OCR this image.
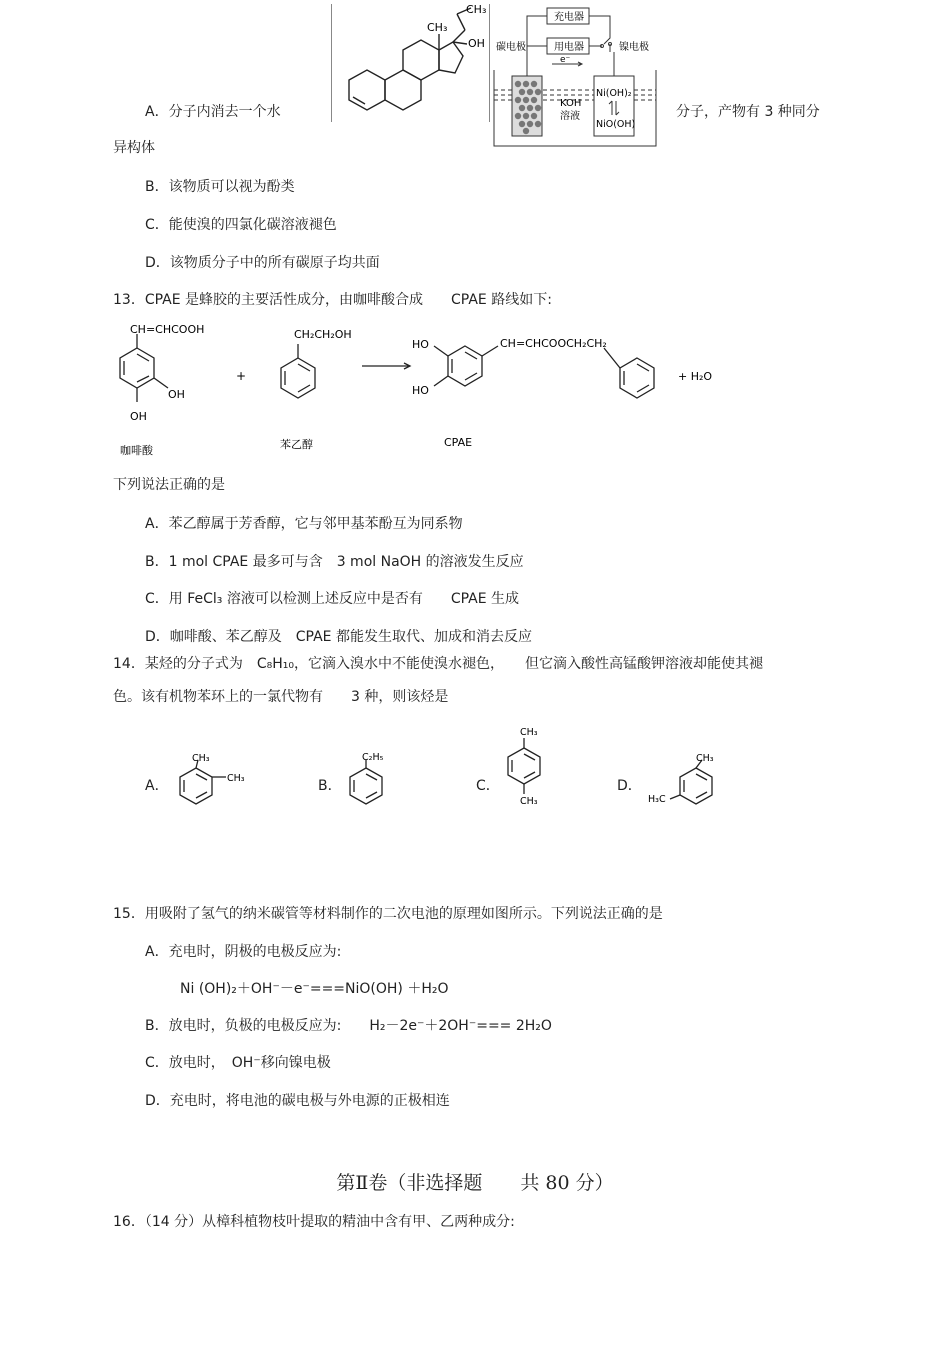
A．分子内消去一个水	分子，产物有 3 种同分
异构体
B．该物质可以视为酚类
C．能使溴的四氯化碳溶液褪色
D．该物质分子中的所有碳原子均共面
CH₃
CH₃
OH
充电器
用电器
碳电极	镍电极
e⁻
KOH
溶液
Ni(OH)₂
NiO(OH)
13．CPAE 是蜂胶的主要活性成分，由咖啡酸合成　　CPAE 路线如下:
CH=CHCOOH
OH
OH
咖啡酸
+
CH₂CH₂OH
苯乙醇
HO
HO
CH=CHCOOCH₂CH₂
CPAE
+ H₂O
下列说法正确的是
A．苯乙醇属于芳香醇，它与邻甲基苯酚互为同系物
B．1 mol CPAE 最多可与含　3 mol NaOH 的溶液发生反应
C．用 FeCl₃ 溶液可以检测上述反应中是否有　　CPAE 生成
D．咖啡酸、苯乙醇及　CPAE 都能发生取代、加成和消去反应
14．某烃的分子式为　C₈H₁₀，它滴入溴水中不能使溴水褪色，　　但它滴入酸性高锰酸钾溶液却能使其褪
色。该有机物苯环上的一氯代物有　　3 种，则该烃是
A．	B．	C．	D．
CH₃
CH₃
C₂H₅
CH₃
CH₃
CH₃
H₃C
15．用吸附了氢气的纳米碳管等材料制作的二次电池的原理如图所示。下列说法正确的是
A．充电时，阴极的电极反应为:
Ni (OH)₂＋OH⁻－e⁻===NiO(OH) ＋H₂O
B．放电时，负极的电极反应为:　　H₂－2e⁻＋2OH⁻=== 2H₂O
C．放电时，　OH⁻移向镍电极
D．充电时，将电池的碳电极与外电源的正极相连
第Ⅱ卷（非选择题　　共 80 分）
16．（14 分）从樟科植物枝叶提取的精油中含有甲、乙两种成分:
